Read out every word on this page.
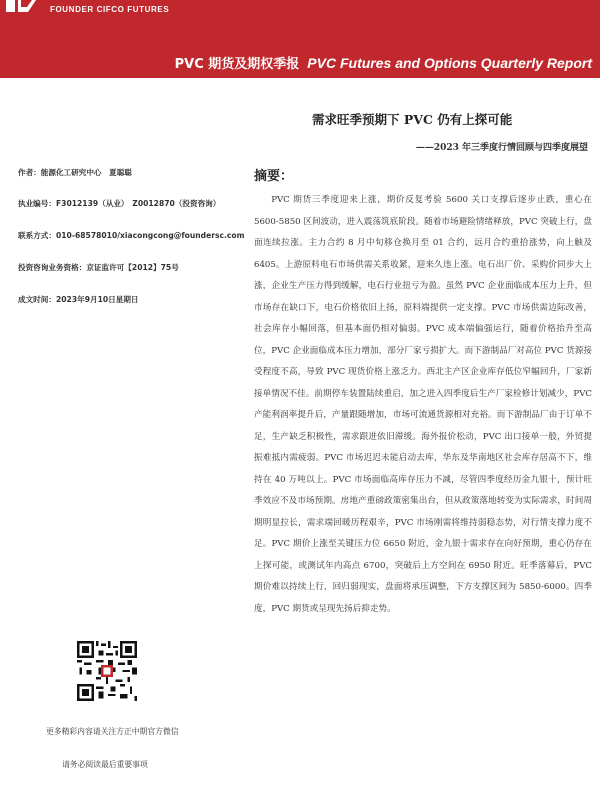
FOUNDER CIFCO FUTURES
PVC 期货及期权季报 PVC Futures and Options Quarterly Report
需求旺季预期下 PVC 仍有上探可能
——2023 年三季度行情回顾与四季度展望
作者：能源化工研究中心　夏聪聪
执业编号：F3012139（从业）　Z0012870（投资咨询）
联系方式：010-68578010/xiacongcong@foundersc.com
投资咨询业务资格：京证监许可【2012】75号
成文时间：2023年9月10日星期日
摘要：
PVC 期货三季度迎来上涨，期价反复考验 5600 关口支撑后逐步止跌，重心在 5600-5850 区间波动，进入震荡筑底阶段。随着市场避险情绪释放，PVC 突破上行，盘面连续拉涨。主力合约 8 月中旬移仓换月至 01 合约，远月合约重拾涨势，向上触及 6405。上游原料电石市场供需关系收紧，迎来久违上涨。电石出厂价、采购价同步大上涨，企业生产压力得到缓解，电石行业扭亏为盈。虽然 PVC 企业面临成本压力上升，但市场存在缺口下，电石价格依旧上扬，原料端提供一定支撑。PVC 市场供需边际改善，社会库存小幅回落，但基本面仍相对偏弱。PVC 成本端偏强运行，随着价格抬升至高位，PVC 企业面临成本压力增加，部分厂家亏损扩大。而下游制品厂对高位 PVC 货源接受程度不高，导致 PVC 现货价格上涨乏力。西北主产区企业库存低位窄幅回升，厂家新接单情况不佳。前期停车装置陆续重启，加之进入四季度后生产厂家检修计划减少，PVC 产能利润率提升后，产量跟随增加，市场可流通货源相对充裕。而下游制品厂由于订单不足，生产缺乏积极性，需求跟进依旧滞缓。海外报价松动，PVC 出口接单一般，外贸提振难抵内需疲弱。PVC 市场迟迟未能启动去库，华东及华南地区社会库存居高不下，维持在 40 万吨以上。PVC 市场面临高库存压力不减，尽管四季度经历金九银十，预计旺季效应不及市场预期。房地产重磅政策密集出台，但从政策落地转变为实际需求，时间周期明显拉长，需求端回暖历程艰辛，PVC 市场刚需将维持弱稳态势，对行情支撑力度不足。PVC 期价上涨至关键压力位 6650 附近，金九银十需求存在向好预期，重心仍存在上探可能，或测试年内高点 6700，突破后上方空间在 6950 附近。旺季落幕后，PVC 期价难以持续上行，回归弱现实，盘面将承压调整，下方支撑区间为 5850-6000。四季度，PVC 期货或呈现先扬后抑走势。
更多精彩内容请关注方正中期官方微信
请务必阅读最后重要事项
